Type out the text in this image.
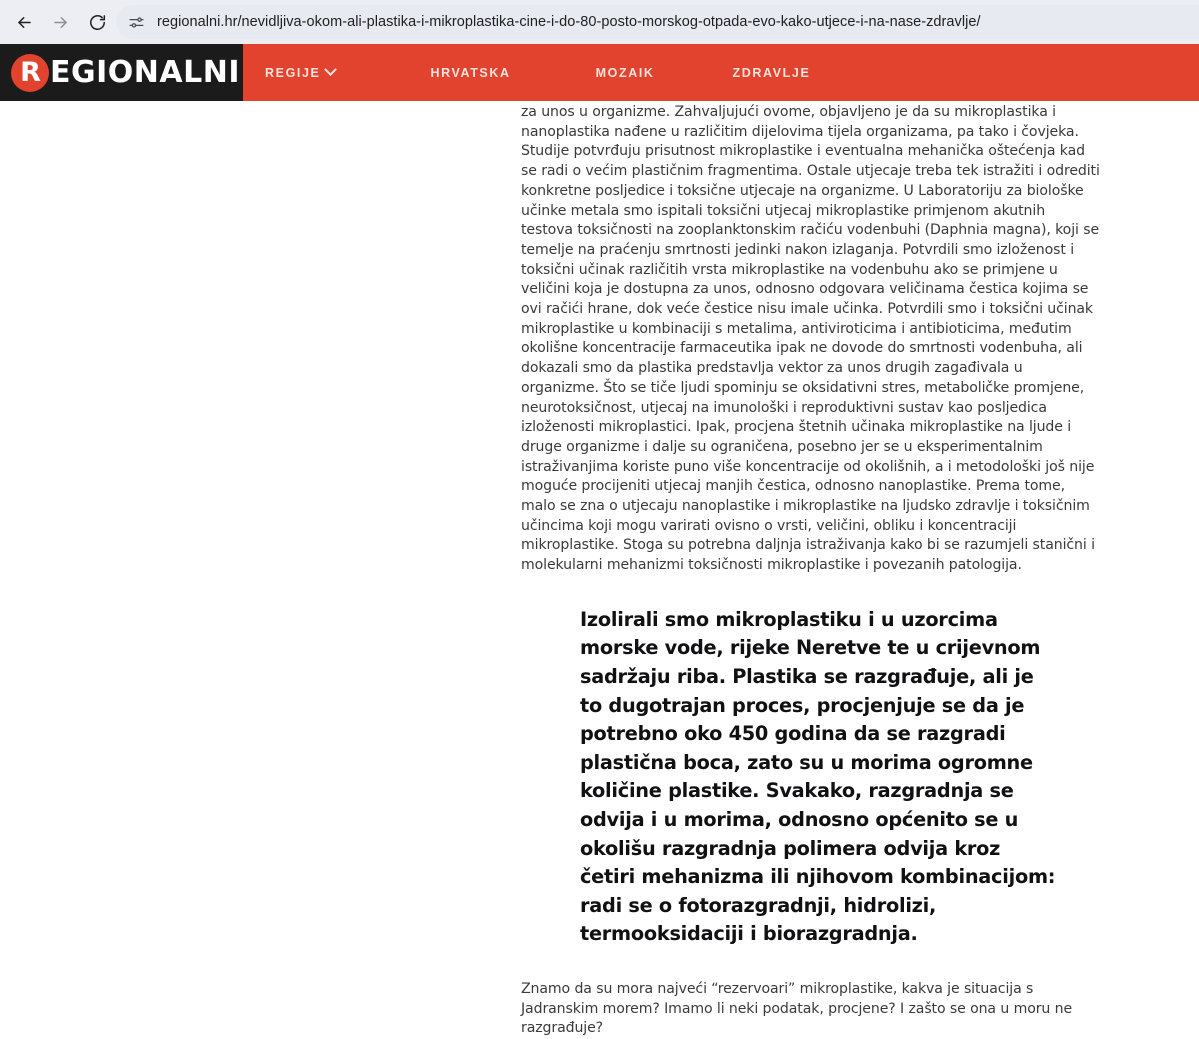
regionalni.hr/nevidljiva-okom-ali-plastika-i-mikroplastika-cine-i-do-80-posto-morskog-otpada-evo-kako-utjece-i-na-nase-zdravlje/
R EGIONALNI REGIJE	HRVATSKA	MOZAIK	ZDRAVLJE

za unos u organizme. Zahvaljujući ovome, objavljeno je da su mikroplastika i nanoplastika nađene u različitim dijelovima tijela organizama, pa tako i čovjeka. Studije potvrđuju prisutnost mikroplastike i eventualna mehanička oštećenja kad se radi o većim plastičnim fragmentima. Ostale utjecaje treba tek istražiti i odrediti konkretne posljedice i toksične utjecaje na organizme. U Laboratoriju za biološke učinke metala smo ispitali toksični utjecaj mikroplastike primjenom akutnih testova toksičnosti na zooplanktonskim račiću vodenbuhi (Daphnia magna), koji se temelje na praćenju smrtnosti jedinki nakon izlaganja. Potvrdili smo izloženost i toksični učinak različitih vrsta mikroplastike na vodenbuhu ako se primjene u veličini koja je dostupna za unos, odnosno odgovara veličinama čestica kojima se ovi račići hrane, dok veće čestice nisu imale učinka. Potvrdili smo i toksični učinak mikroplastike u kombinaciji s metalima, antiviroticima i antibioticima, međutim okolišne koncentracije farmaceutika ipak ne dovode do smrtnosti vodenbuha, ali dokazali smo da plastika predstavlja vektor za unos drugih zagađivala u organizme. Što se tiče ljudi spominju se oksidativni stres, metaboličke promjene, neurotoksičnost, utjecaj na imunološki i reproduktivni sustav kao posljedica izloženosti mikroplastici. Ipak, procjena štetnih učinaka mikroplastike na ljude i druge organizme i dalje su ograničena, posebno jer se u eksperimentalnim istraživanjima koriste puno više koncentracije od okolišnih, a i metodološki još nije moguće procijeniti utjecaj manjih čestica, odnosno nanoplastike. Prema tome, malo se zna o utjecaju nanoplastike i mikroplastike na ljudsko zdravlje i toksičnim učincima koji mogu varirati ovisno o vrsti, veličini, obliku i koncentraciji mikroplastike. Stoga su potrebna daljnja istraživanja kako bi se razumjeli stanični i molekularni mehanizmi toksičnosti mikroplastike i povezanih patologija.

Izolirali smo mikroplastiku i u uzorcima morske vode, rijeke Neretve te u crijevnom sadržaju riba. Plastika se razgrađuje, ali je to dugotrajan proces, procjenjuje se da je potrebno oko 450 godina da se razgradi plastična boca, zato su u morima ogromne količine plastike. Svakako, razgradnja se odvija i u morima, odnosno općenito se u okolišu razgradnja polimera odvija kroz četiri mehanizma ili njihovom kombinacijom: radi se o fotorazgradnji, hidrolizi, termooksidaciji i biorazgradnja.

Znamo da su mora najveći “rezervoari” mikroplastike, kakva je situacija s Jadranskim morem? Imamo li neki podatak, procjene? I zašto se ona u moru ne razgrađuje?
